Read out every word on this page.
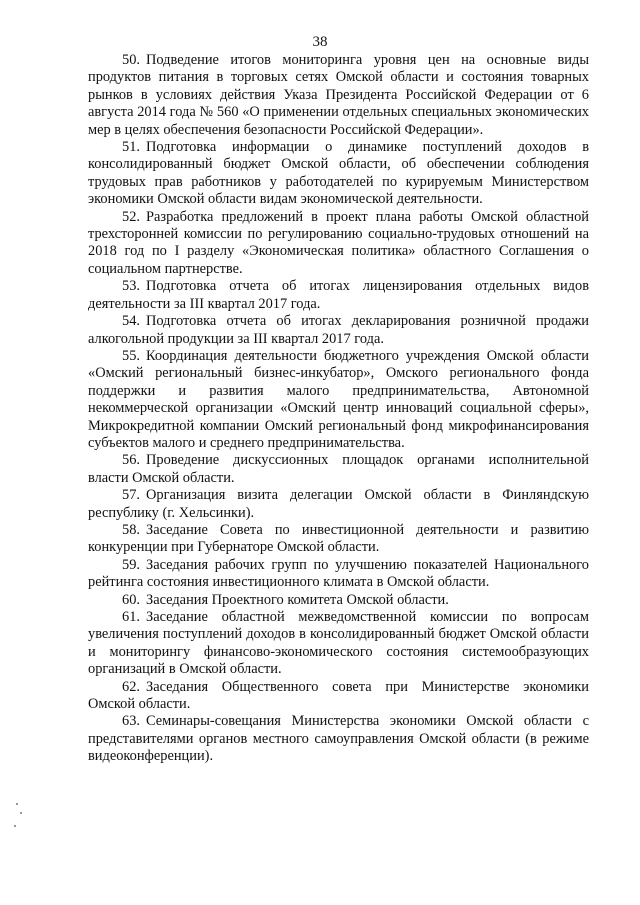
38

50. Подведение итогов мониторинга уровня цен на основные виды продуктов питания в торговых сетях Омской области и состояния товарных рынков в условиях действия Указа Президента Российской Федерации от 6 августа 2014 года № 560 «О применении отдельных специальных экономических мер в целях обеспечения безопасности Российской Федерации».

51. Подготовка информации о динамике поступлений доходов в консолидированный бюджет Омской области, об обеспечении соблюдения трудовых прав работников у работодателей по курируемым Министерством экономики Омской области видам экономической деятельности.

52. Разработка предложений в проект плана работы Омской областной трехсторонней комиссии по регулированию социально-трудовых отношений на 2018 год по I разделу «Экономическая политика» областного Соглашения о социальном партнерстве.

53. Подготовка отчета об итогах лицензирования отдельных видов деятельности за III квартал 2017 года.

54. Подготовка отчета об итогах декларирования розничной продажи алкогольной продукции за III квартал 2017 года.

55. Координация деятельности бюджетного учреждения Омской области «Омский региональный бизнес-инкубатор», Омского регионального фонда поддержки и развития малого предпринимательства, Автономной некоммерческой организации «Омский центр инноваций социальной сферы», Микрокредитной компании Омский региональный фонд микрофинансирования субъектов малого и среднего предпринимательства.

56. Проведение дискуссионных площадок органами исполнительной власти Омской области.

57. Организация визита делегации Омской области в Финляндскую республику (г. Хельсинки).

58. Заседание Совета по инвестиционной деятельности и развитию конкуренции при Губернаторе Омской области.

59. Заседания рабочих групп по улучшению показателей Национального рейтинга состояния инвестиционного климата в Омской области.

60. Заседания Проектного комитета Омской области.

61. Заседание областной межведомственной комиссии по вопросам увеличения поступлений доходов в консолидированный бюджет Омской области и мониторингу финансово-экономического состояния системообразующих организаций в Омской области.

62. Заседания Общественного совета при Министерстве экономики Омской области.

63. Семинары-совещания Министерства экономики Омской области с представителями органов местного самоуправления Омской области (в режиме видеоконференции).
